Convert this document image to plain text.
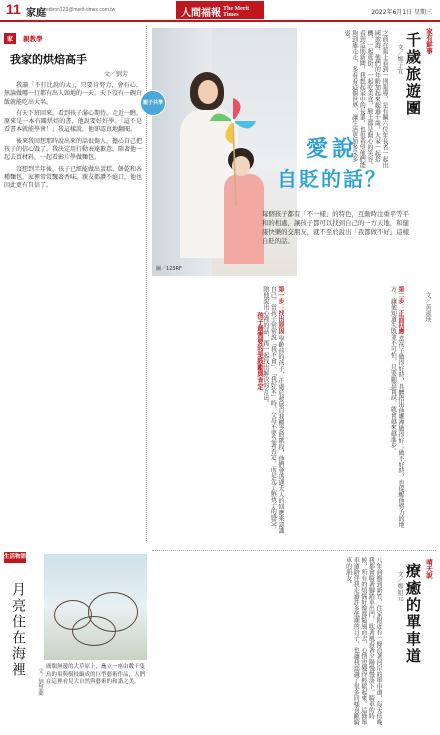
11 家庭 ediron123@merit-times.com.tw	人間福報 The Merit Times	2022年6月1日 星期三
家 親教學
我家的烘焙高手
文／劉芳

我讀「不打比說的大」，只要肯努力，會有心，無論做哪一行都有出人頭地的一天。天下沒有一碗白飯就能吃出大名。

有天下班回來，看到孩子滿心期待，走近一瞧，原來是一本有關烘焙的書，他說要好好學。「這不是看書本就能學會！」我這樣說，他卻認真地翻閱。

後來我回想那時說出來的話很傷人，擔心自己把孩子的信心毀了。我決定用行動表達歉意，陪著他一起去買材料，一起看影片學做麵包。

沒想到半年後，孩子已經能做出蛋糕、餅乾和各種麵包，家裡常常飄著香味，親友都讚不絕口，他也因此更有自信了。

家有鮮事
千歲旅遊團
文／鄭子宜
之前在報上看到一則報導，是有關六位年長者一起出國旅遊，他們的年齡加起來超過千歲，大家一起搭機、一起逛街、一起吃美食，臉上都是開心的笑容。看到這則新聞，我想起家中的長輩，也很希望他們能夠到處走走，多看看這個世界，讓生活更加多采多姿。
圖／123RF
親子共學
愛說
自貶的話？
每個孩子都有「不一樣」的特色，互動時注重平等平和的相處，讓孩子都可以找到自己的一方天地，和健康快樂的交朋友，就不至於說出「我都做不好」這樣自貶的話。
第一步：找出原因 學齡前的孩子，正處於發展自我概念的階段，他們會透過大人的回應來認識自己。當孩子常常說「我不會」、「我好笨」時，父母不要急著否定，而是先了解孩子的感受，陪他說出心裡的話，再一起找出解決的方法。
孩子最需要的是鼓勵與肯定
第二步：正面回應 當孩子做得好時，具體指出他哪裡做得好；做不好時，也提醒他努力的地方，讓他知道失敗並不可怕，只要願意嘗試，就會越來越進步。	文／黃淑瑛
生活物語
月亮住在海裡
文／劉慧蘭
廣闊無邊的大草原上，矗立一座由數千隻鳥的巢與樹枝編成的巨型藝術作品，人們在這裡看見大自然與藝術的和諧之美。
晴天說
療癒的單車道
文／鄭如元
八年前搬到新竹，住家附近有一條沿著河岸的單車道，每天傍晚我都會騎著腳踏車出門，吹著風看著夕陽慢慢落下。騎車的時候，所有的煩惱好像都隨風而去，心情也變得輕鬆起來。這條單車道陪伴我走過許多低潮的日子，也讓我認識了很多同樣喜歡騎車的朋友。
